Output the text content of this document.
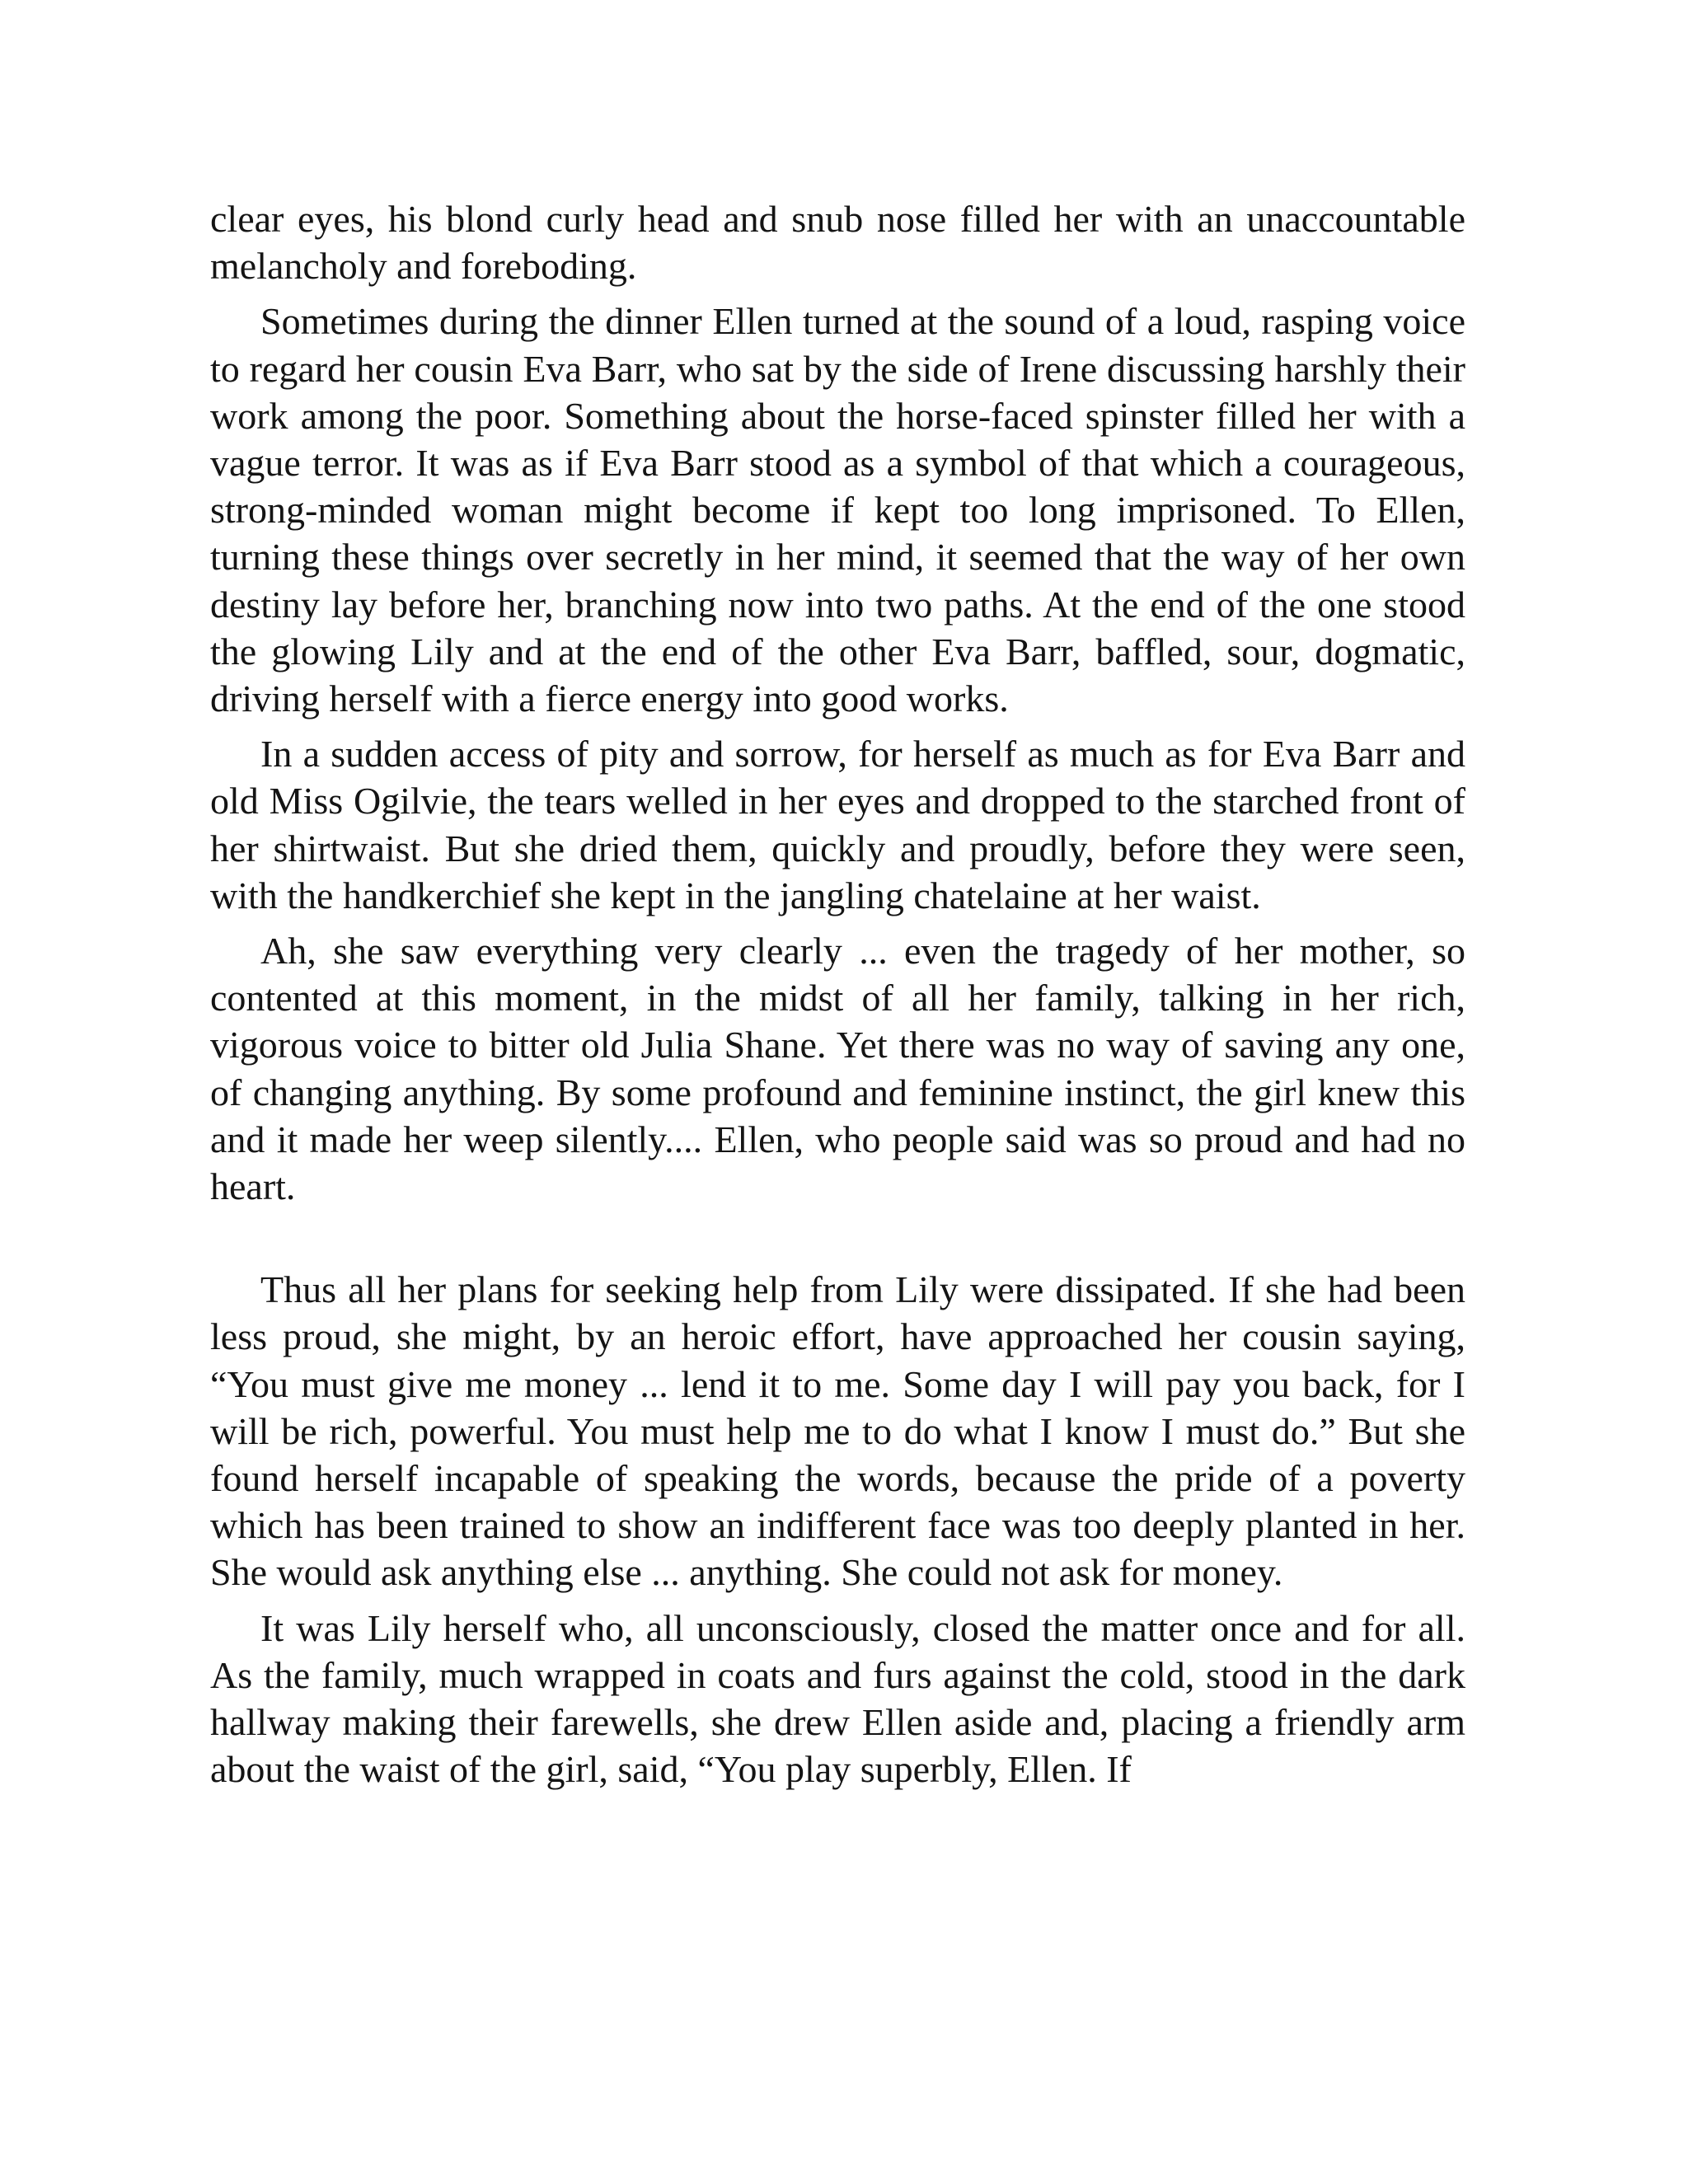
clear eyes, his blond curly head and snub nose filled her with an unaccountable melancholy and foreboding.

Sometimes during the dinner Ellen turned at the sound of a loud, rasping voice to regard her cousin Eva Barr, who sat by the side of Irene discussing harshly their work among the poor. Something about the horse-faced spinster filled her with a vague terror. It was as if Eva Barr stood as a symbol of that which a courageous, strong-minded woman might become if kept too long imprisoned. To Ellen, turning these things over secretly in her mind, it seemed that the way of her own destiny lay before her, branching now into two paths. At the end of the one stood the glowing Lily and at the end of the other Eva Barr, baffled, sour, dogmatic, driving herself with a fierce energy into good works.

In a sudden access of pity and sorrow, for herself as much as for Eva Barr and old Miss Ogilvie, the tears welled in her eyes and dropped to the starched front of her shirtwaist. But she dried them, quickly and proudly, before they were seen, with the handkerchief she kept in the jangling chatelaine at her waist.

Ah, she saw everything very clearly ... even the tragedy of her mother, so contented at this moment, in the midst of all her family, talking in her rich, vigorous voice to bitter old Julia Shane. Yet there was no way of saving any one, of changing anything. By some profound and feminine instinct, the girl knew this and it made her weep silently.... Ellen, who people said was so proud and had no heart.

Thus all her plans for seeking help from Lily were dissipated. If she had been less proud, she might, by an heroic effort, have approached her cousin saying, “You must give me money ... lend it to me. Some day I will pay you back, for I will be rich, powerful. You must help me to do what I know I must do.” But she found herself incapable of speaking the words, because the pride of a poverty which has been trained to show an indifferent face was too deeply planted in her. She would ask anything else ... anything. She could not ask for money.

It was Lily herself who, all unconsciously, closed the matter once and for all. As the family, much wrapped in coats and furs against the cold, stood in the dark hallway making their farewells, she drew Ellen aside and, placing a friendly arm about the waist of the girl, said, “You play superbly, Ellen. If
